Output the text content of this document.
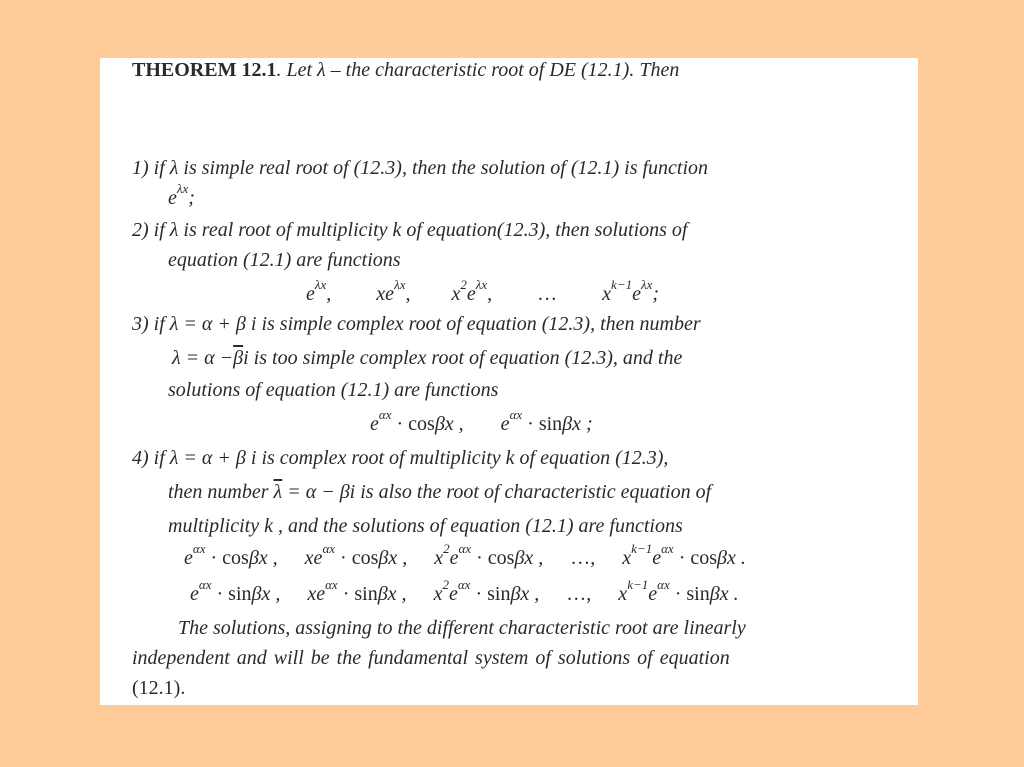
THEOREM 12.1. Let λ – the characteristic root of DE (12.1). Then
1) if λ is simple real root of (12.3), then the solution of (12.1) is function
$e^{\lambda x}$;
2) if λ is real root of multiplicity k of equation(12.3), then solutions of
equation (12.1) are functions
$e^{\lambda x}$, $xe^{\lambda x}$, $x^2e^{\lambda x}$, … $x^{k-1}e^{\lambda x}$;
3) if λ = α + β i is simple complex root of equation (12.3), then number
$\lambda = \alpha -\overline{\beta}i$ is too simple complex root of equation (12.3), and the
solutions of equation (12.1) are functions
$e^{\alpha x} \cdot \cos\beta x$ , $e^{\alpha x} \cdot \sin\beta x$ ;
4) if λ = α + β i is complex root of multiplicity k of equation (12.3),
then number $\overline{\lambda} = \alpha - \beta i$ is also the root of characteristic equation of
multiplicity k , and the solutions of equation (12.1) are functions
$e^{\alpha x} \cdot \cos\beta x$ , $xe^{\alpha x} \cdot \cos\beta x$ , $x^2e^{\alpha x} \cdot \cos\beta x$ , …, $x^{k-1}e^{\alpha x} \cdot \cos\beta x$ .
$e^{\alpha x} \cdot \sin\beta x$ , $xe^{\alpha x} \cdot \sin\beta x$ , $x^2e^{\alpha x} \cdot \sin\beta x$ , …, $x^{k-1}e^{\alpha x} \cdot \sin\beta x$ .
The solutions, assigning to the different characteristic root are linearly
independent and will be the fundamental system of solutions of equation
(12.1).
